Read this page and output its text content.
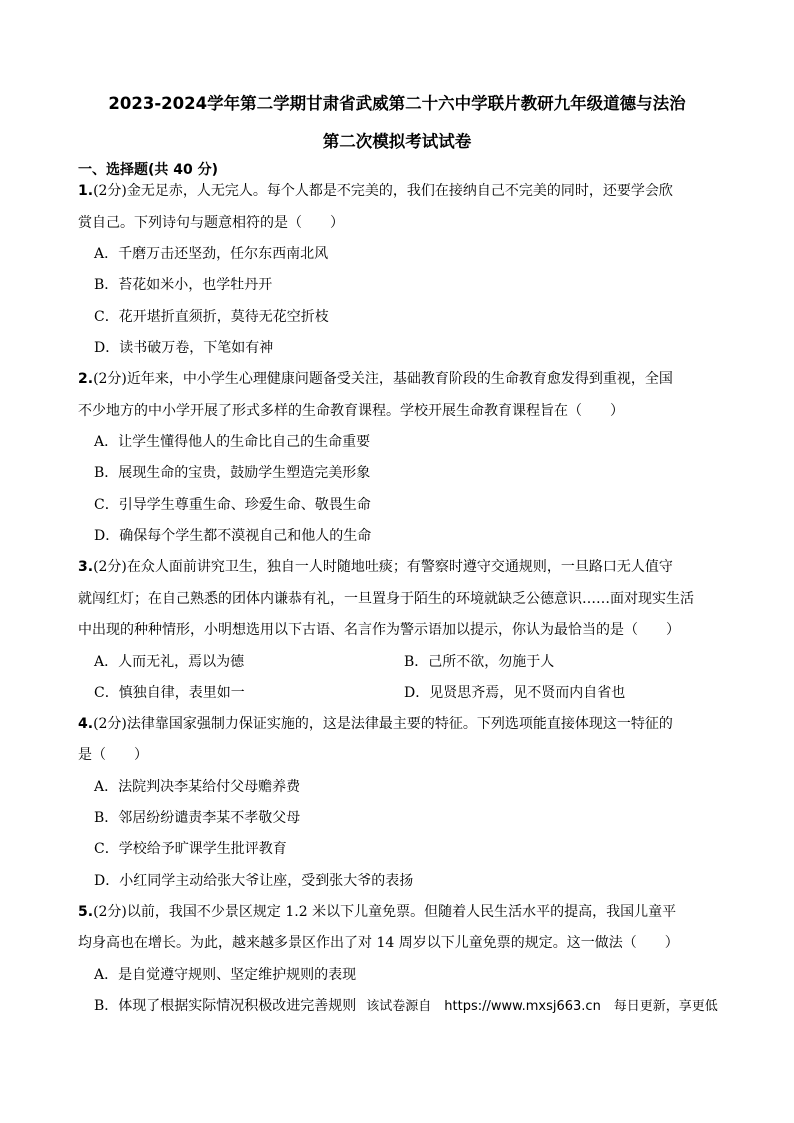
2023-2024学年第二学期甘肃省武威第二十六中学联片教研九年级道德与法治
第二次模拟考试试卷
一、选择题(共 40 分)
1.(2分)金无足赤，人无完人。每个人都是不完美的，我们在接纳自己不完美的同时，还要学会欣
赏自己。下列诗句与题意相符的是（　　）
A．千磨万击还坚劲，任尔东西南北风
B．苔花如米小，也学牡丹开
C．花开堪折直须折，莫待无花空折枝
D．读书破万卷，下笔如有神
2.(2分)近年来，中小学生心理健康问题备受关注，基础教育阶段的生命教育愈发得到重视，全国
不少地方的中小学开展了形式多样的生命教育课程。学校开展生命教育课程旨在（　　）
A．让学生懂得他人的生命比自己的生命重要
B．展现生命的宝贵，鼓励学生塑造完美形象
C．引导学生尊重生命、珍爱生命、敬畏生命
D．确保每个学生都不漠视自己和他人的生命
3.(2分)在众人面前讲究卫生，独自一人时随地吐痰；有警察时遵守交通规则，一旦路口无人值守
就闯红灯；在自己熟悉的团体内谦恭有礼，一旦置身于陌生的环境就缺乏公德意识……面对现实生活
中出现的种种情形，小明想选用以下古语、名言作为警示语加以提示，你认为最恰当的是（　　）
A．人而无礼，焉以为德	B．己所不欲，勿施于人
C．慎独自律，表里如一	D．见贤思齐焉，见不贤而内自省也
4.(2分)法律靠国家强制力保证实施的，这是法律最主要的特征。下列选项能直接体现这一特征的
是（　　）
A．法院判决李某给付父母赡养费
B．邻居纷纷谴责李某不孝敬父母
C．学校给予旷课学生批评教育
D．小红同学主动给张大爷让座，受到张大爷的表扬
5.(2分)以前，我国不少景区规定 1.2 米以下儿童免票。但随着人民生活水平的提高，我国儿童平
均身高也在增长。为此，越来越多景区作出了对 14 周岁以下儿童免票的规定。这一做法（　　）
A．是自觉遵守规则、坚定维护规则的表现
B．体现了根据实际情况积极改进完善规则 该试卷源自　https://www.mxsj663.cn　每日更新，享更低
